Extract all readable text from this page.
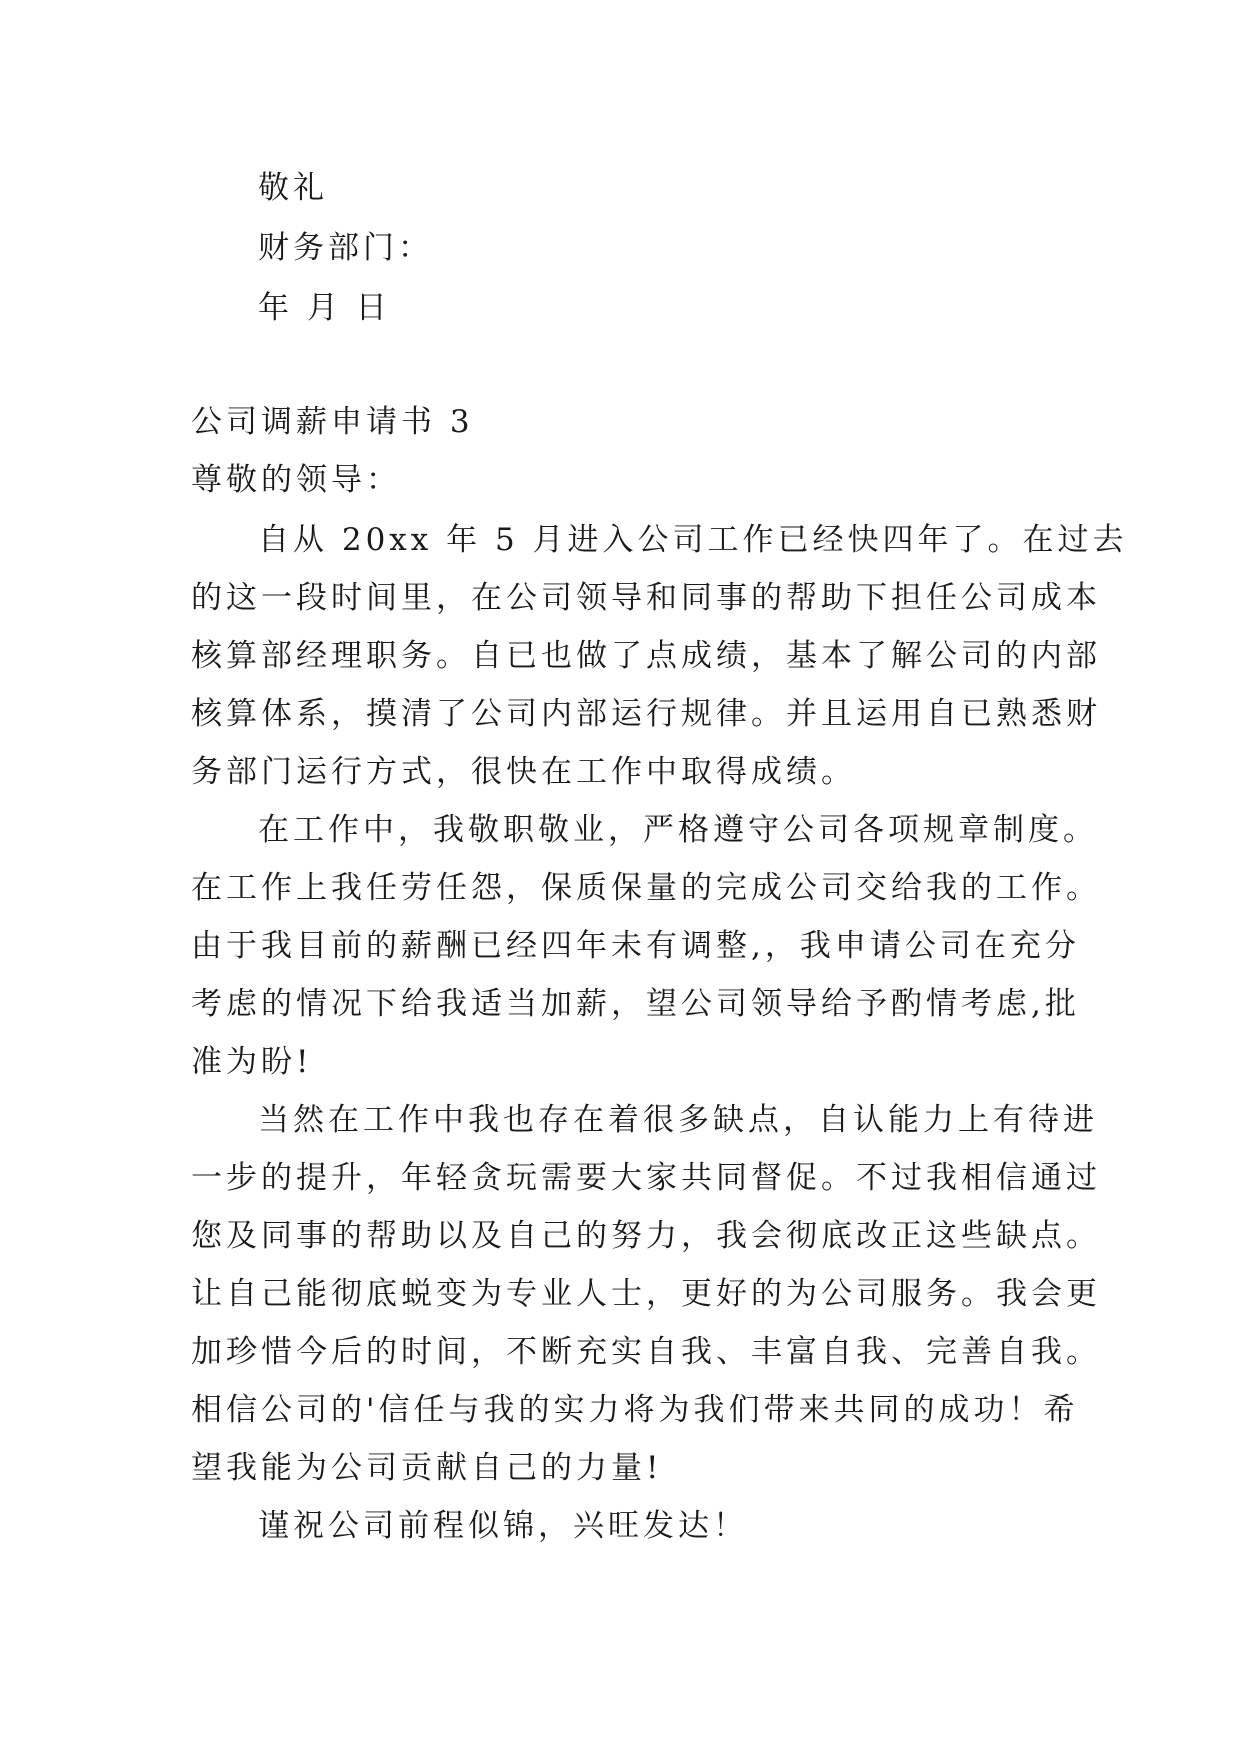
敬礼
财务部门：
年 月 日
公司调薪申请书 3
尊敬的领导：
自从 20xx 年 5 月进入公司工作已经快四年了。在过去
的这一段时间里，在公司领导和同事的帮助下担任公司成本
核算部经理职务。自已也做了点成绩，基本了解公司的内部
核算体系，摸清了公司内部运行规律。并且运用自已熟悉财
务部门运行方式，很快在工作中取得成绩。
在工作中，我敬职敬业，严格遵守公司各项规章制度。
在工作上我任劳任怨，保质保量的完成公司交给我的工作。
由于我目前的薪酬已经四年未有调整,，我申请公司在充分
考虑的情况下给我适当加薪，望公司领导给予酌情考虑,批
准为盼!
当然在工作中我也存在着很多缺点，自认能力上有待进
一步的提升，年轻贪玩需要大家共同督促。不过我相信通过
您及同事的帮助以及自己的努力，我会彻底改正这些缺点。
让自己能彻底蜕变为专业人士，更好的为公司服务。我会更
加珍惜今后的时间，不断充实自我、丰富自我、完善自我。
相信公司的'信任与我的实力将为我们带来共同的成功！希
望我能为公司贡献自己的力量!
谨祝公司前程似锦，兴旺发达！
